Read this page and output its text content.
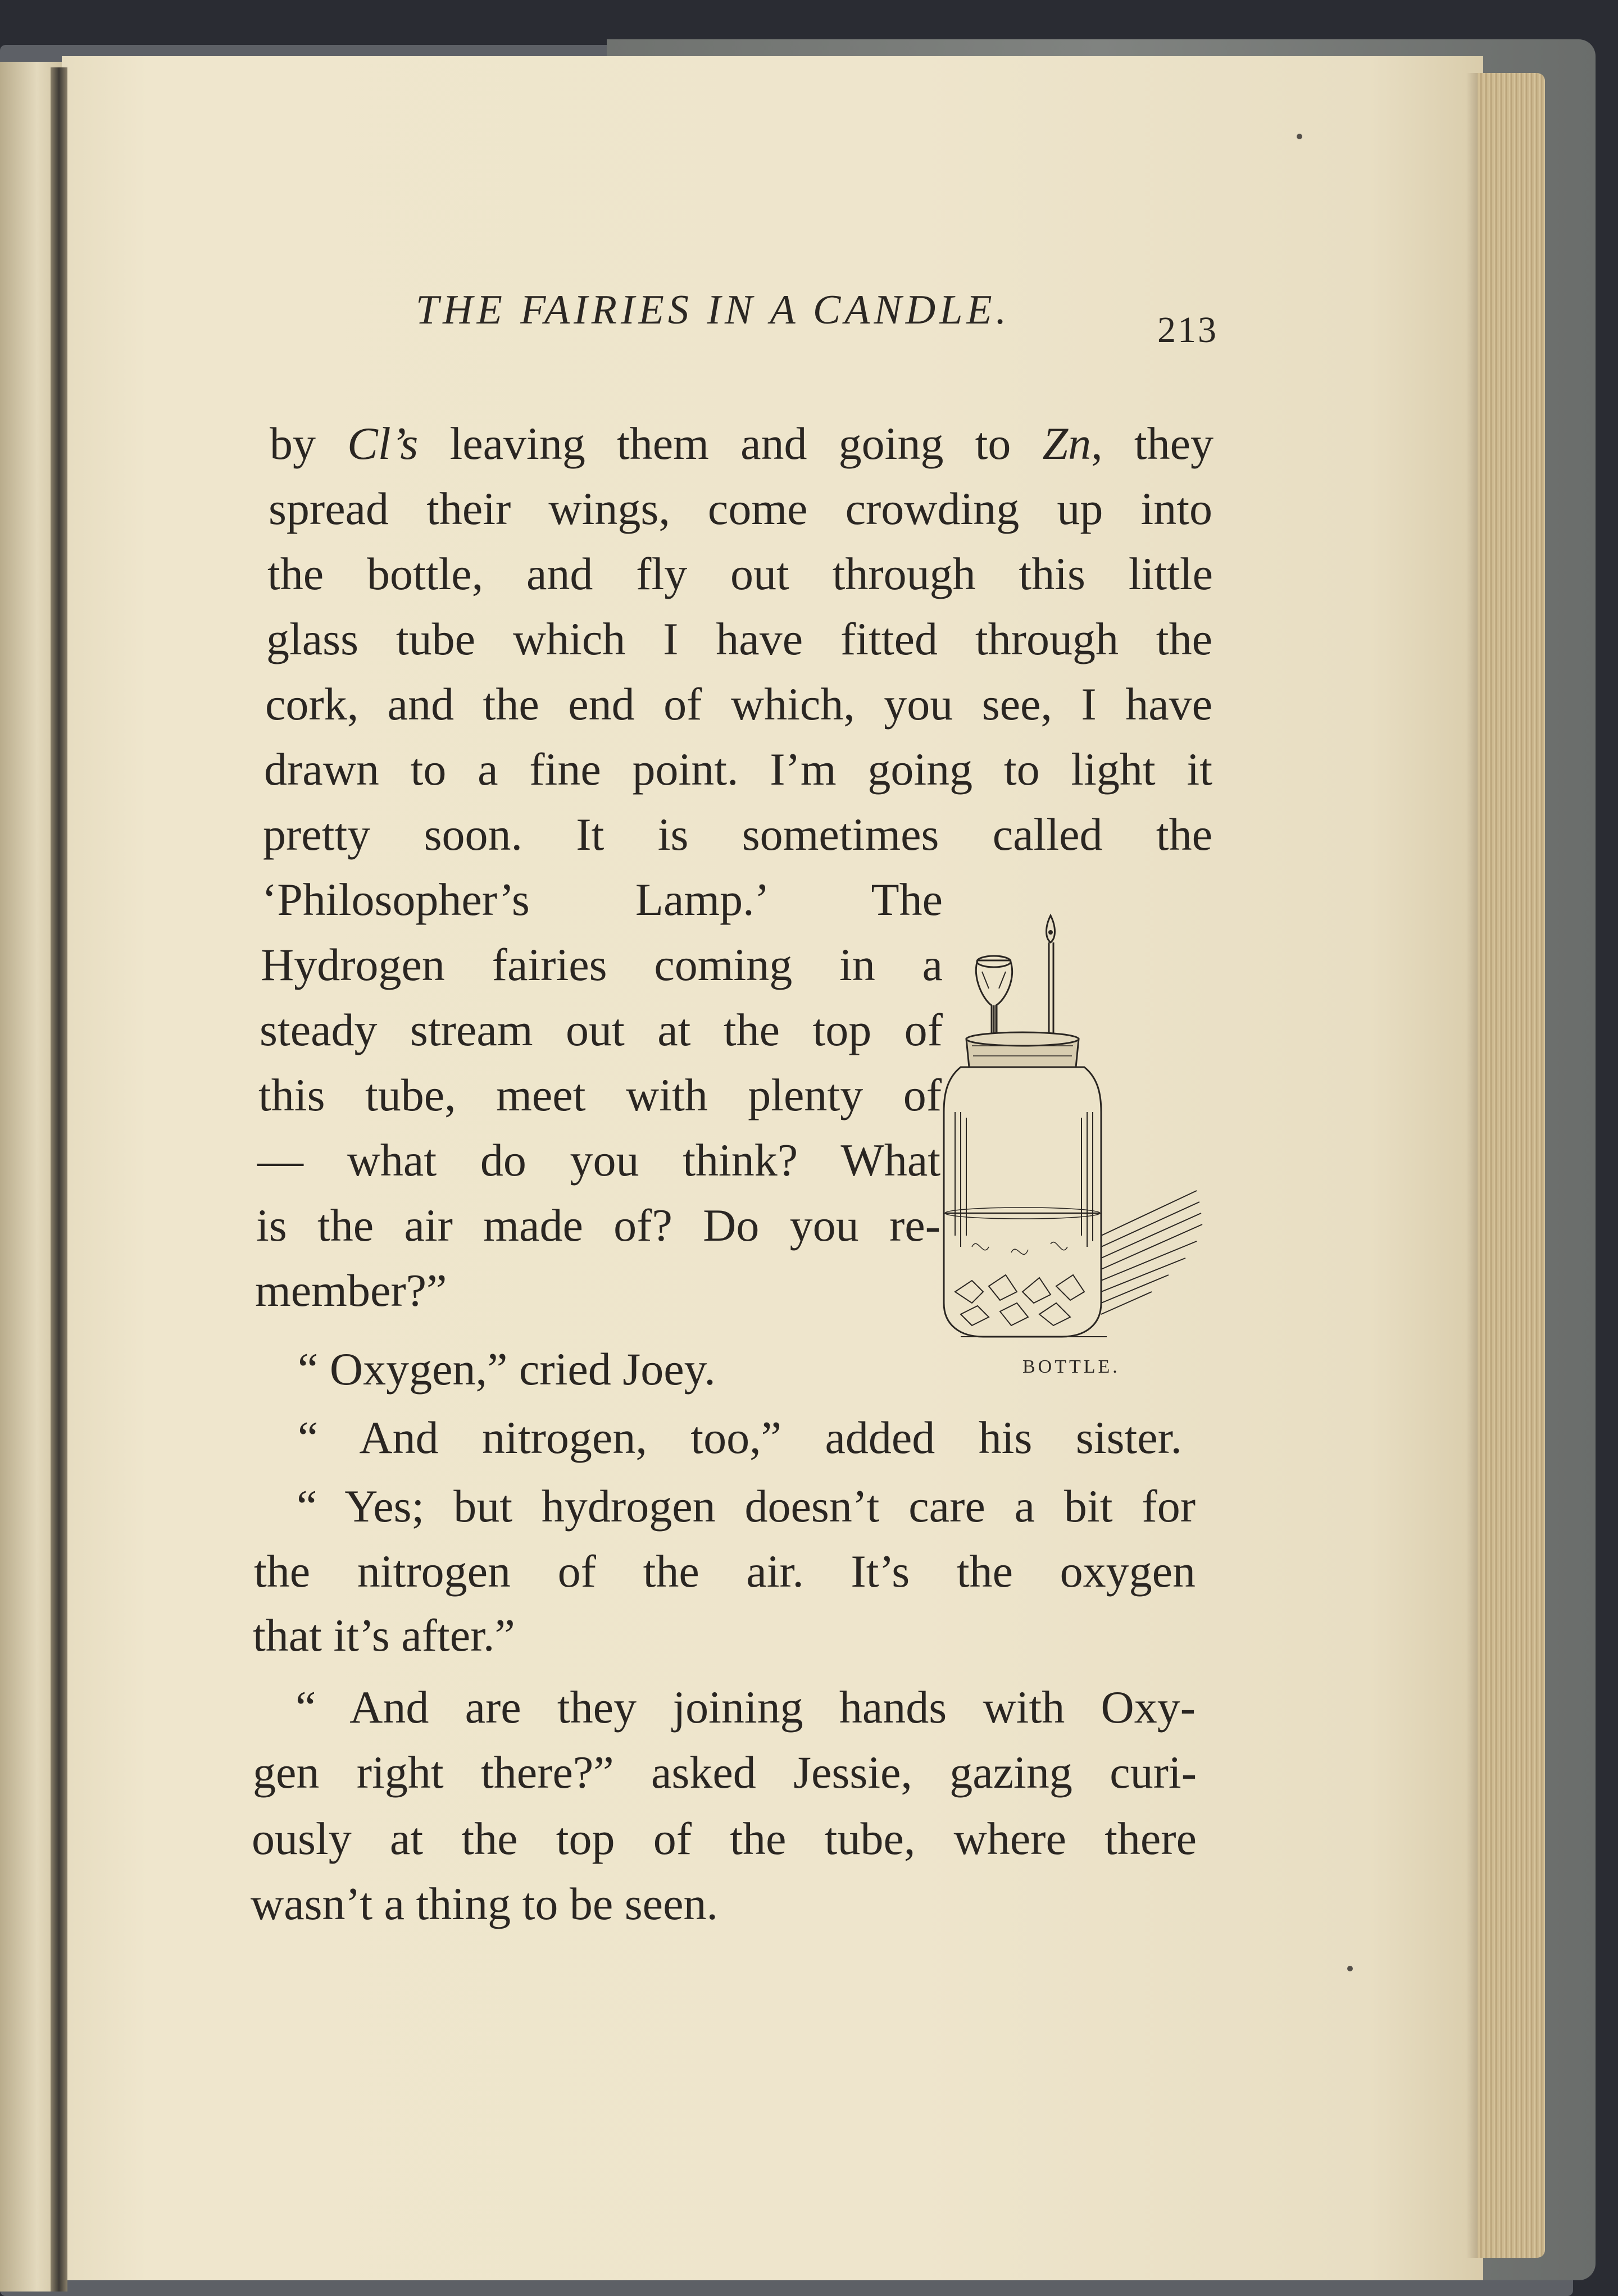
THE FAIRIES IN A CANDLE.	213
by Cl’s leaving them and going to Zn, they
spread their wings, come crowding up into
the bottle, and fly out through this little
glass tube which I have fitted through the
cork, and the end of which, you see, I have
drawn to a fine point. I’m going to light it
pretty soon. It is sometimes called the
‘Philosopher’s Lamp.’ The
Hydrogen fairies coming in a
steady stream out at the top of
this tube, meet with plenty of
— what do you think? What
is the air made of? Do you re-
member?”
“ Oxygen,” cried Joey.
“ And nitrogen, too,” added his sister.
“ Yes; but hydrogen doesn’t care a bit for
the nitrogen of the air. It’s the oxygen
that it’s after.”
“ And are they joining hands with Oxy-
gen right there?” asked Jessie, gazing curi-
ously at the top of the tube, where there
wasn’t a thing to be seen.
BOTTLE.
